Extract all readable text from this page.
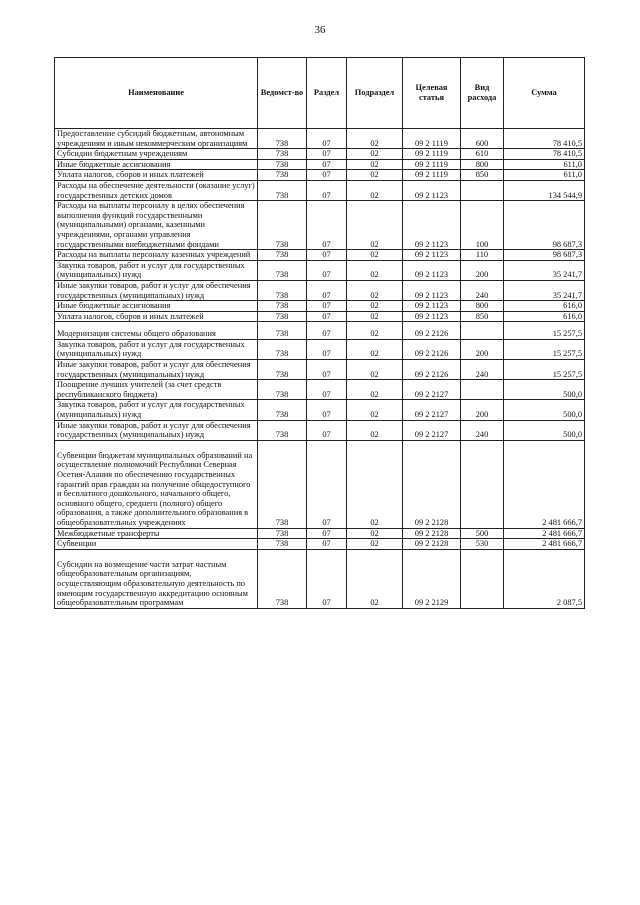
36
Наименование	Ведомст-во	Раздел	Подраздел	Целевая статья	Вид расхода	Сумма
Предоставление субсидий бюджетным, автономным учреждениям и иным некоммерческим организациям	738	07	02	09 2 1119	600	78 410,5
Субсидии бюджетным учреждениям	738	07	02	09 2 1119	610	78 410,5
Иные бюджетные ассигнования	738	07	02	09 2 1119	800	611,0
Уплата налогов, сборов и иных платежей	738	07	02	09 2 1119	850	611,0
Расходы на обеспечение деятельности (оказание услуг) государственных детских домов	738	07	02	09 2 1123		134 544,9
Расходы на выплаты персоналу в целях обеспечения выполнения функций государственными (муниципальными) органами, казенными учреждениями, органами управления государственными внебюджетными фондами	738	07	02	09 2 1123	100	98 687,3
Расходы на выплаты персоналу казенных учреждений	738	07	02	09 2 1123	110	98 687,3
Закупка товаров, работ и услуг для государственных (муниципальных) нужд	738	07	02	09 2 1123	200	35 241,7
Иные закупки товаров, работ и услуг для обеспечения государственных (муниципальных) нужд	738	07	02	09 2 1123	240	35 241,7
Иные бюджетные ассигнования	738	07	02	09 2 1123	800	616,0
Уплата налогов, сборов и иных платежей	738	07	02	09 2 1123	850	616,0
Модернизация системы общего образования	738	07	02	09 2 2126		15 257,5
Закупка товаров, работ и услуг для государственных (муниципальных) нужд	738	07	02	09 2 2126	200	15 257,5
Иные закупки товаров, работ и услуг для обеспечения государственных (муниципальных) нужд	738	07	02	09 2 2126	240	15 257,5
Поощрение лучших учителей (за счет средств республиканского бюджета)	738	07	02	09 2 2127		500,0
Закупка товаров, работ и услуг для государственных (муниципальных) нужд	738	07	02	09 2 2127	200	500,0
Иные закупки товаров, работ и услуг для обеспечения государственных (муниципальных) нужд	738	07	02	09 2 2127	240	500,0
Субвенции бюджетам муниципальных образований на осуществление полномочий Республики Северная Осетия-Алания по обеспечению государственных гарантий прав граждан на получение общедоступного и бесплатного дошкольного, начального общего, основного общего, среднего (полного) общего образования, а также дополнительного образования в общеобразовательных учреждениях	738	07	02	09 2 2128		2 481 666,7
Межбюджетные трансферты	738	07	02	09 2 2128	500	2 481 666,7
Субвенции	738	07	02	09 2 2128	530	2 481 666,7
Субсидии на возмещение части затрат частным общеобразовательным организациям, осуществляющим образовательную деятельность по имеющим государственную аккредитацию основным общеобразовательным программам	738	07	02	09 2 2129		2 087,5
